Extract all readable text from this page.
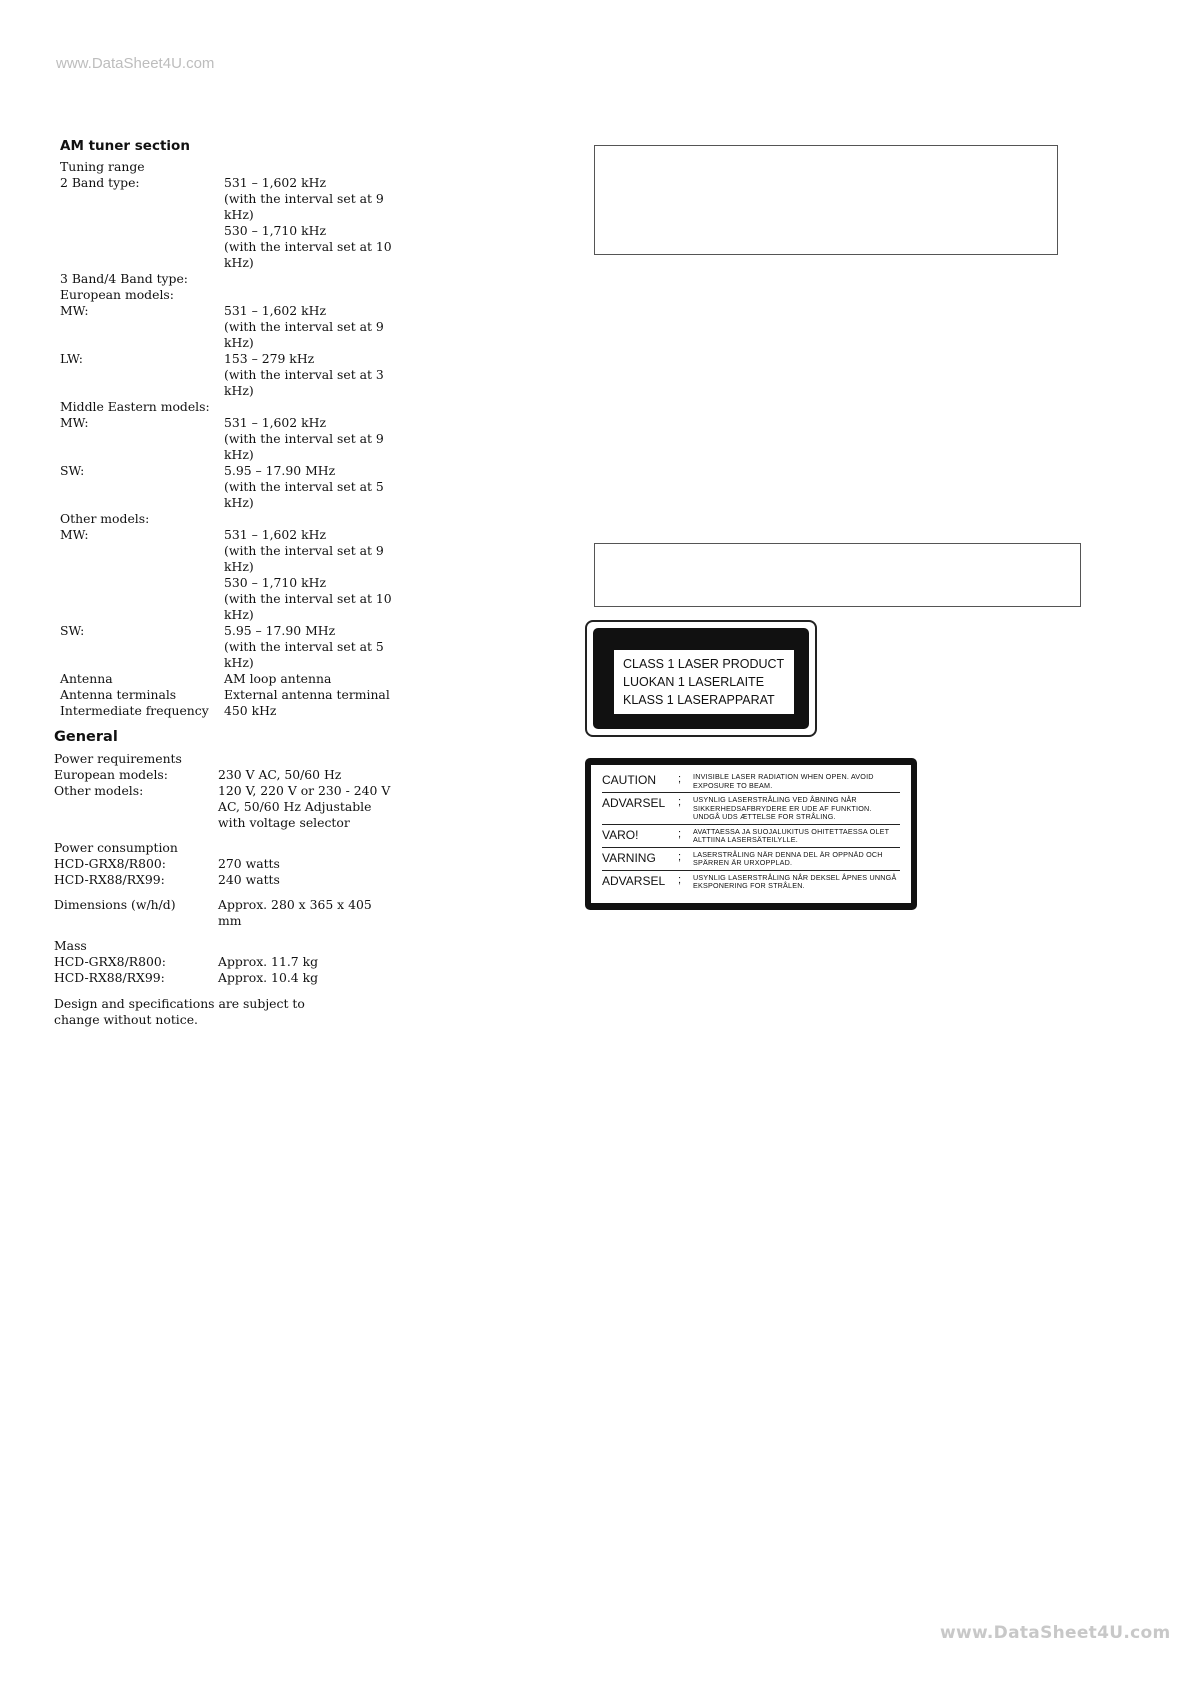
www.DataSheet4U.com
AM tuner section
Tuning range
2 Band type:	531 – 1,602 kHz
(with the interval set at 9
kHz)
530 – 1,710 kHz
(with the interval set at 10
kHz)
3 Band/4 Band type:
European models:
MW:	531 – 1,602 kHz
(with the interval set at 9
kHz)
LW:	153 – 279 kHz
(with the interval set at 3
kHz)
Middle Eastern models:
MW:	531 – 1,602 kHz
(with the interval set at 9
kHz)
SW:	5.95 – 17.90 MHz
(with the interval set at 5
kHz)
Other models:
MW:	531 – 1,602 kHz
(with the interval set at 9
kHz)
530 – 1,710 kHz
(with the interval set at 10
kHz)
SW:	5.95 – 17.90 MHz
(with the interval set at 5
kHz)
Antenna	AM loop antenna
Antenna terminals	External antenna terminal
Intermediate frequency	450 kHz
General
Power requirements
European models:	230 V AC, 50/60 Hz
Other models:	120 V, 220 V or 230 - 240 V
AC, 50/60 Hz Adjustable
with voltage selector
Power consumption
HCD-GRX8/R800:	270 watts
HCD-RX88/RX99:	240 watts
Dimensions (w/h/d)	Approx. 280 x 365 x 405
mm
Mass
HCD-GRX8/R800:	Approx. 11.7 kg
HCD-RX88/RX99:	Approx. 10.4 kg
Design and specifications are subject to change without notice.
CLASS 1 LASER PRODUCT
LUOKAN 1 LASERLAITE
KLASS 1 LASERAPPARAT
CAUTION	;	INVISIBLE LASER RADIATION WHEN OPEN. AVOID EXPOSURE TO BEAM.
ADVARSEL	;	USYNLIG LASERSTRÅLING VED ÅBNING NÅR SIKKERHEDSAFBRYDERE ER UDE AF FUNKTION. UNDGÅ UDS ÆTTELSE FOR STRÅLING.
VARO!	;	AVATTAESSA JA SUOJALUKITUS OHITETTAESSA OLET ALTTIINA LASERSÄTEILYLLE.
VARNING	;	LASERSTRÅLING NÄR DENNA DEL ÄR OPPNÄD OCH SPÄRREN ÄR URXOPPLAD.
ADVARSEL	;	USYNLIG LASERSTRÅLING NÅR DEKSEL ÅPNES UNNGÅ EKSPONERING FOR STRÅLEN.
www.DataSheet4U.com
